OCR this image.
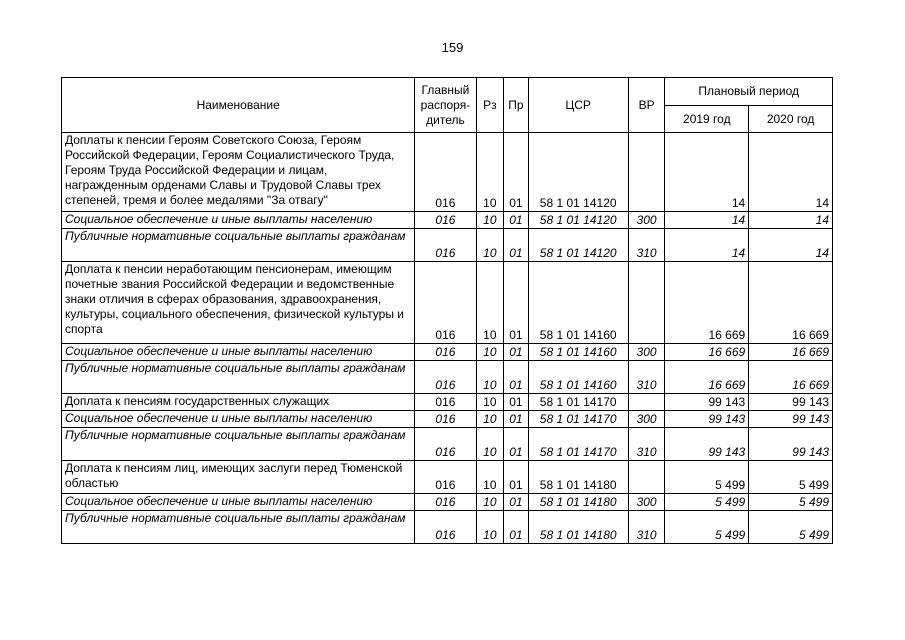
159
Наименование	Главный распоря-дитель	Рз	Пр	ЦСР	ВР	Плановый период	
						2019 год	2020 год
Доплаты к пенсии Героям Советского Союза, Героям Российской Федерации, Героям Социалистического Труда, Героям Труда Российской Федерации и лицам, награжденным орденами Славы и Трудовой Славы трех степеней, тремя и более медалями "За отвагу"	016	10	01	58 1 01 14120		14	14
Социальное обеспечение и иные выплаты населению	016	10	01	58 1 01 14120	300	14	14
Публичные нормативные социальные выплаты гражданам	016	10	01	58 1 01 14120	310	14	14
Доплата к пенсии неработающим пенсионерам, имеющим почетные звания Российской Федерации и ведомственные знаки отличия в сферах образования, здравоохранения, культуры, социального обеспечения, физической культуры и спорта	016	10	01	58 1 01 14160		16 669	16 669
Социальное обеспечение и иные выплаты населению	016	10	01	58 1 01 14160	300	16 669	16 669
Публичные нормативные социальные выплаты гражданам	016	10	01	58 1 01 14160	310	16 669	16 669
Доплата к пенсиям государственных служащих	016	10	01	58 1 01 14170		99 143	99 143
Социальное обеспечение и иные выплаты населению	016	10	01	58 1 01 14170	300	99 143	99 143
Публичные нормативные социальные выплаты гражданам	016	10	01	58 1 01 14170	310	99 143	99 143
Доплата к пенсиям лиц, имеющих заслуги перед Тюменской областью	016	10	01	58 1 01 14180		5 499	5 499
Социальное обеспечение и иные выплаты населению	016	10	01	58 1 01 14180	300	5 499	5 499
Публичные нормативные социальные выплаты гражданам	016	10	01	58 1 01 14180	310	5 499	5 499
